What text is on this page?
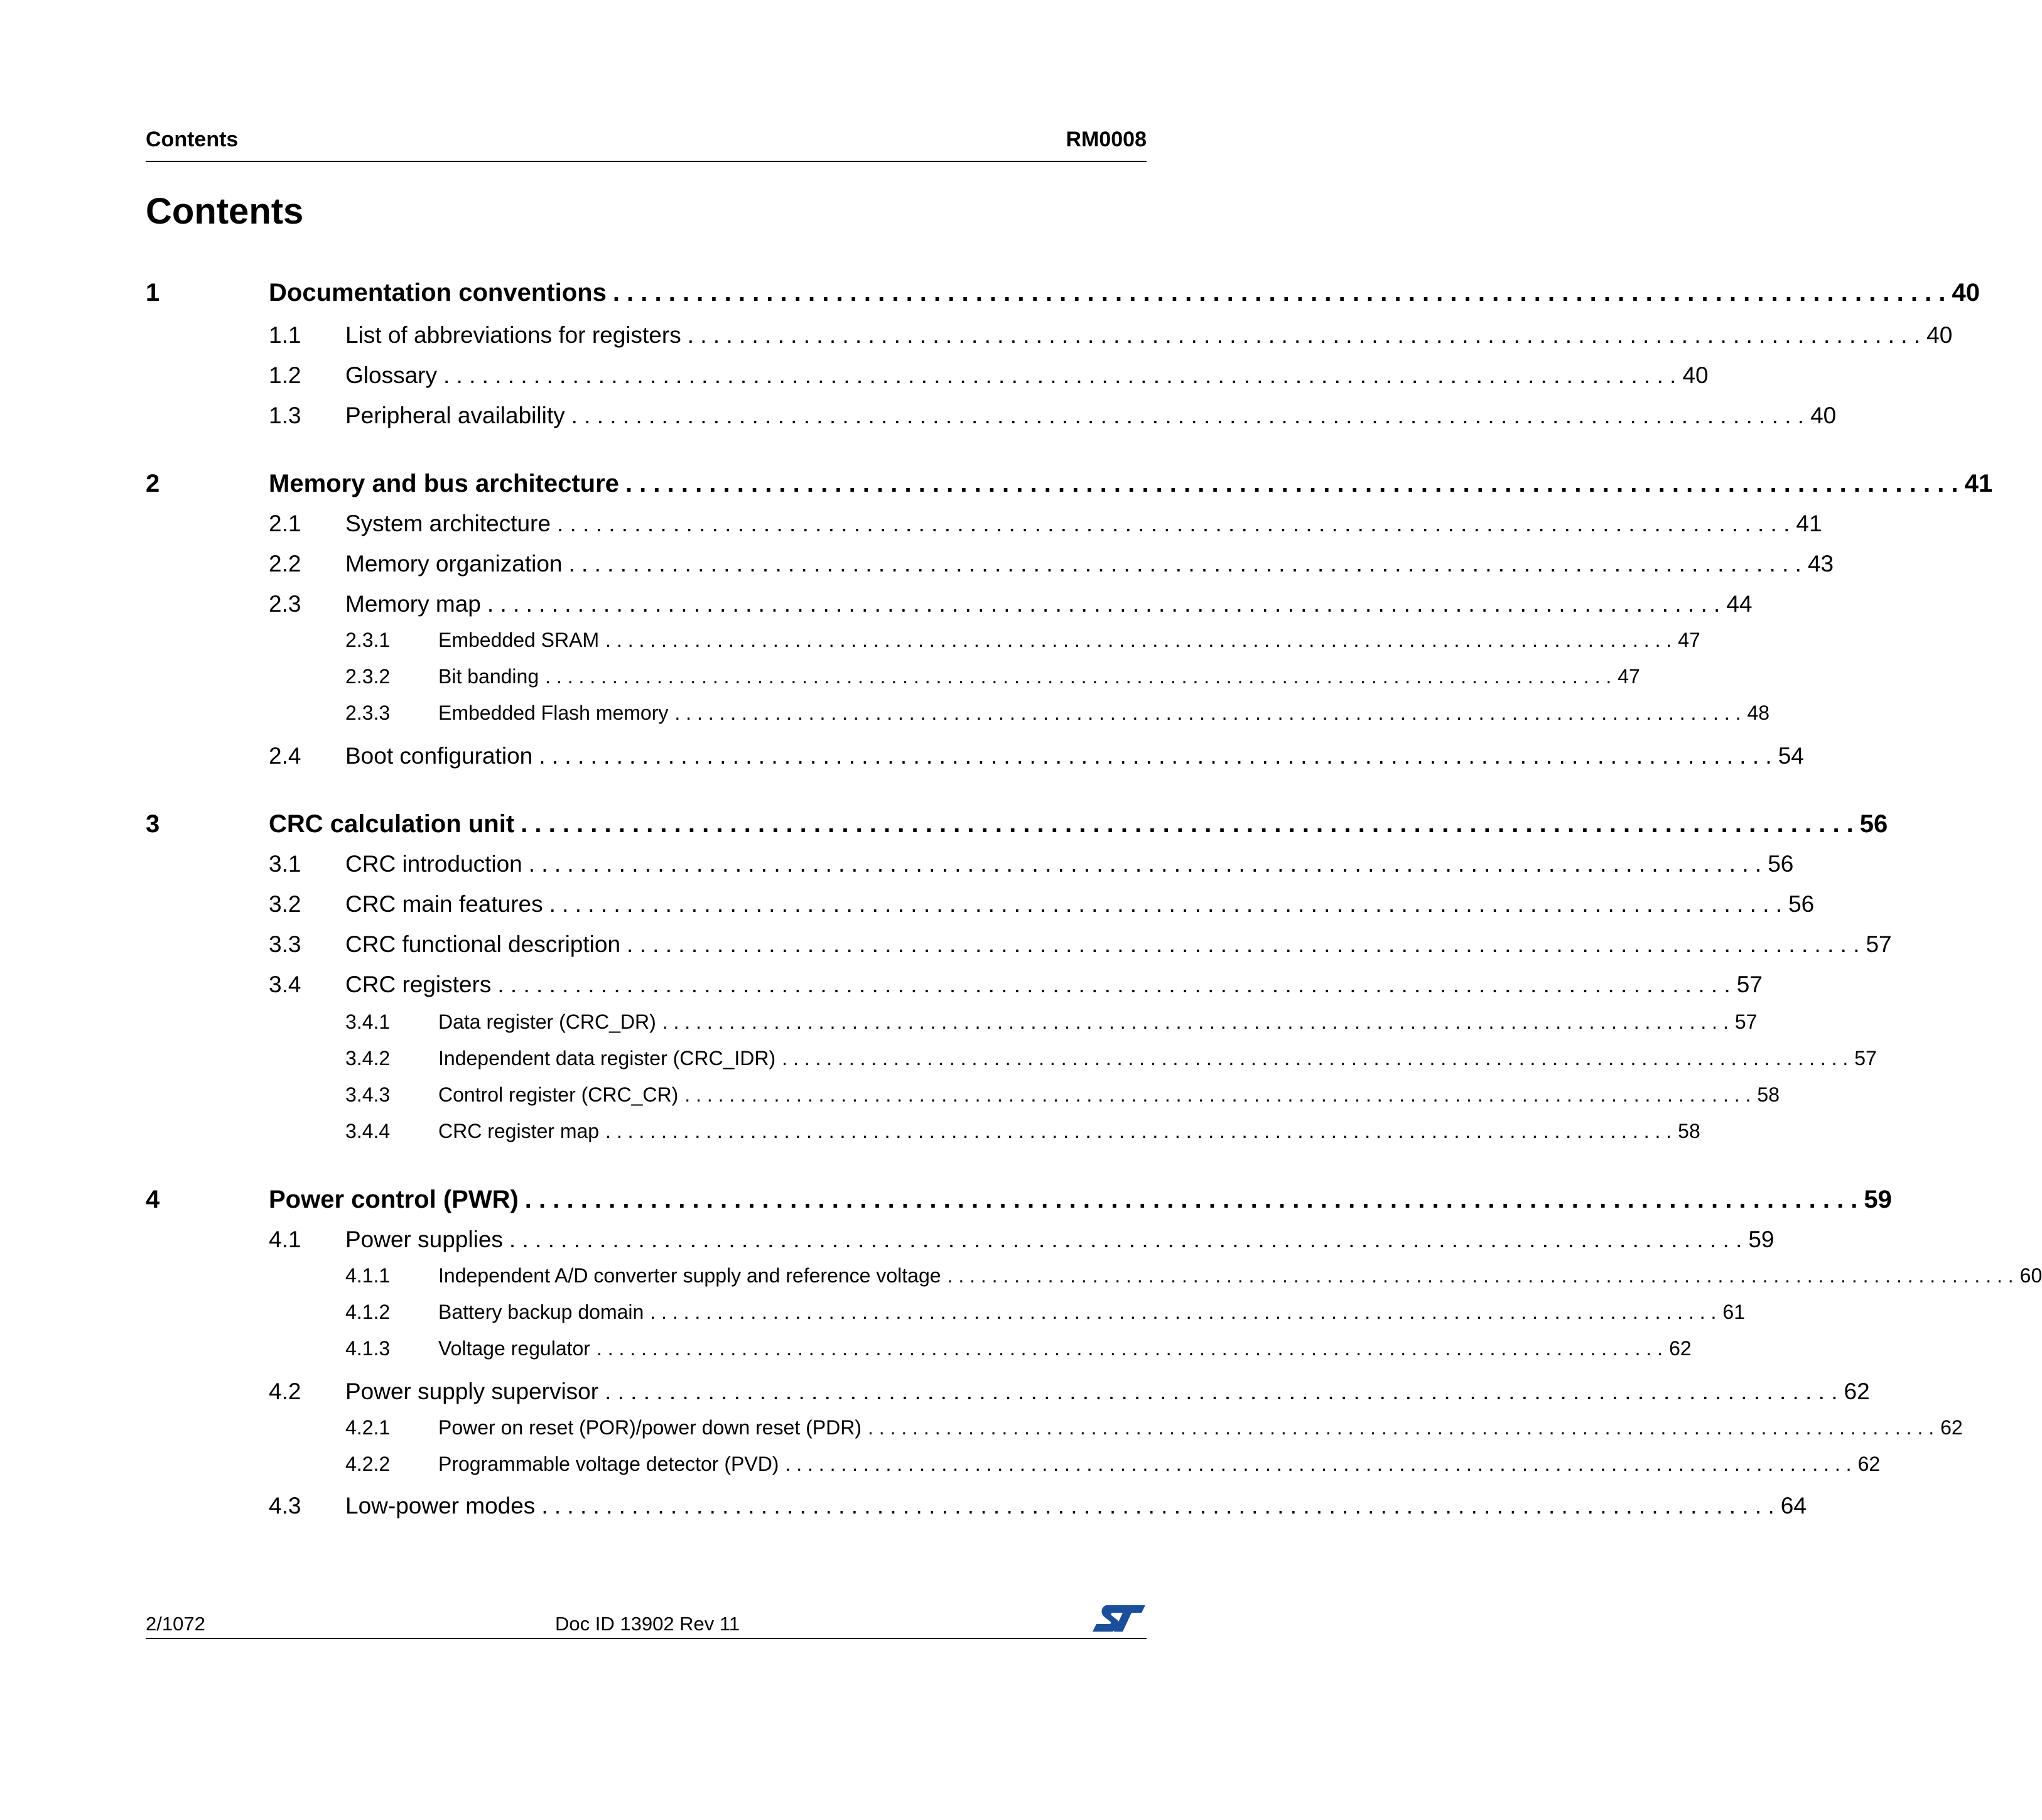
Contents	RM0008
Contents
1	Documentation conventions . . . . . . . . . . . . . . . . . . . . . . . . . . . . . . . . . . . . . . . . . . . . . . . . . . . . . . . . . . . . . . . . . . . . . . . . . . . . . . . . . . . . . . . . . . . . . . . . 40
1.1 List of abbreviations for registers . . . . . . . . . . . . . . . . . . . . . . . . . . . . . . . . . . . . . . . . . . . . . . . . . . . . . . . . . . . . . . . . . . . . . . . . . . . . . . . . . . . . . . . . . . . . . . . . 40
1.2 Glossary . . . . . . . . . . . . . . . . . . . . . . . . . . . . . . . . . . . . . . . . . . . . . . . . . . . . . . . . . . . . . . . . . . . . . . . . . . . . . . . . . . . . . . . . . . . . . . . . 40
1.3 Peripheral availability . . . . . . . . . . . . . . . . . . . . . . . . . . . . . . . . . . . . . . . . . . . . . . . . . . . . . . . . . . . . . . . . . . . . . . . . . . . . . . . . . . . . . . . . . . . . . . . . 40
2	Memory and bus architecture . . . . . . . . . . . . . . . . . . . . . . . . . . . . . . . . . . . . . . . . . . . . . . . . . . . . . . . . . . . . . . . . . . . . . . . . . . . . . . . . . . . . . . . . . . . . . . . . 41
2.1 System architecture . . . . . . . . . . . . . . . . . . . . . . . . . . . . . . . . . . . . . . . . . . . . . . . . . . . . . . . . . . . . . . . . . . . . . . . . . . . . . . . . . . . . . . . . . . . . . . . . 41
2.2 Memory organization . . . . . . . . . . . . . . . . . . . . . . . . . . . . . . . . . . . . . . . . . . . . . . . . . . . . . . . . . . . . . . . . . . . . . . . . . . . . . . . . . . . . . . . . . . . . . . . . 43
2.3 Memory map . . . . . . . . . . . . . . . . . . . . . . . . . . . . . . . . . . . . . . . . . . . . . . . . . . . . . . . . . . . . . . . . . . . . . . . . . . . . . . . . . . . . . . . . . . . . . . . . 44
2.3.1 Embedded SRAM . . . . . . . . . . . . . . . . . . . . . . . . . . . . . . . . . . . . . . . . . . . . . . . . . . . . . . . . . . . . . . . . . . . . . . . . . . . . . . . . . . . . . . . . . . . . . . . . 47
2.3.2 Bit banding . . . . . . . . . . . . . . . . . . . . . . . . . . . . . . . . . . . . . . . . . . . . . . . . . . . . . . . . . . . . . . . . . . . . . . . . . . . . . . . . . . . . . . . . . . . . . . . . 47
2.3.3 Embedded Flash memory . . . . . . . . . . . . . . . . . . . . . . . . . . . . . . . . . . . . . . . . . . . . . . . . . . . . . . . . . . . . . . . . . . . . . . . . . . . . . . . . . . . . . . . . . . . . . . . . 48
2.4 Boot configuration . . . . . . . . . . . . . . . . . . . . . . . . . . . . . . . . . . . . . . . . . . . . . . . . . . . . . . . . . . . . . . . . . . . . . . . . . . . . . . . . . . . . . . . . . . . . . . . . 54
3	CRC calculation unit . . . . . . . . . . . . . . . . . . . . . . . . . . . . . . . . . . . . . . . . . . . . . . . . . . . . . . . . . . . . . . . . . . . . . . . . . . . . . . . . . . . . . . . . . . . . . . . . 56
3.1 CRC introduction . . . . . . . . . . . . . . . . . . . . . . . . . . . . . . . . . . . . . . . . . . . . . . . . . . . . . . . . . . . . . . . . . . . . . . . . . . . . . . . . . . . . . . . . . . . . . . . . 56
3.2 CRC main features . . . . . . . . . . . . . . . . . . . . . . . . . . . . . . . . . . . . . . . . . . . . . . . . . . . . . . . . . . . . . . . . . . . . . . . . . . . . . . . . . . . . . . . . . . . . . . . . 56
3.3 CRC functional description . . . . . . . . . . . . . . . . . . . . . . . . . . . . . . . . . . . . . . . . . . . . . . . . . . . . . . . . . . . . . . . . . . . . . . . . . . . . . . . . . . . . . . . . . . . . . . . . 57
3.4 CRC registers . . . . . . . . . . . . . . . . . . . . . . . . . . . . . . . . . . . . . . . . . . . . . . . . . . . . . . . . . . . . . . . . . . . . . . . . . . . . . . . . . . . . . . . . . . . . . . . . 57
3.4.1 Data register (CRC_DR) . . . . . . . . . . . . . . . . . . . . . . . . . . . . . . . . . . . . . . . . . . . . . . . . . . . . . . . . . . . . . . . . . . . . . . . . . . . . . . . . . . . . . . . . . . . . . . . . 57
3.4.2 Independent data register (CRC_IDR) . . . . . . . . . . . . . . . . . . . . . . . . . . . . . . . . . . . . . . . . . . . . . . . . . . . . . . . . . . . . . . . . . . . . . . . . . . . . . . . . . . . . . . . . . . . . . . . . 57
3.4.3 Control register (CRC_CR) . . . . . . . . . . . . . . . . . . . . . . . . . . . . . . . . . . . . . . . . . . . . . . . . . . . . . . . . . . . . . . . . . . . . . . . . . . . . . . . . . . . . . . . . . . . . . . . . 58
3.4.4 CRC register map . . . . . . . . . . . . . . . . . . . . . . . . . . . . . . . . . . . . . . . . . . . . . . . . . . . . . . . . . . . . . . . . . . . . . . . . . . . . . . . . . . . . . . . . . . . . . . . . 58
4	Power control (PWR) . . . . . . . . . . . . . . . . . . . . . . . . . . . . . . . . . . . . . . . . . . . . . . . . . . . . . . . . . . . . . . . . . . . . . . . . . . . . . . . . . . . . . . . . . . . . . . . . 59
4.1 Power supplies . . . . . . . . . . . . . . . . . . . . . . . . . . . . . . . . . . . . . . . . . . . . . . . . . . . . . . . . . . . . . . . . . . . . . . . . . . . . . . . . . . . . . . . . . . . . . . . . 59
4.1.1 Independent A/D converter supply and reference voltage . . . . . . . . . . . . . . . . . . . . . . . . . . . . . . . . . . . . . . . . . . . . . . . . . . . . . . . . . . . . . . . . . . . . . . . . . . . . . . . . . . . . . . . . . . . . . . . . 60
4.1.2 Battery backup domain . . . . . . . . . . . . . . . . . . . . . . . . . . . . . . . . . . . . . . . . . . . . . . . . . . . . . . . . . . . . . . . . . . . . . . . . . . . . . . . . . . . . . . . . . . . . . . . . 61
4.1.3 Voltage regulator . . . . . . . . . . . . . . . . . . . . . . . . . . . . . . . . . . . . . . . . . . . . . . . . . . . . . . . . . . . . . . . . . . . . . . . . . . . . . . . . . . . . . . . . . . . . . . . . 62
4.2 Power supply supervisor . . . . . . . . . . . . . . . . . . . . . . . . . . . . . . . . . . . . . . . . . . . . . . . . . . . . . . . . . . . . . . . . . . . . . . . . . . . . . . . . . . . . . . . . . . . . . . . . 62
4.2.1 Power on reset (POR)/power down reset (PDR) . . . . . . . . . . . . . . . . . . . . . . . . . . . . . . . . . . . . . . . . . . . . . . . . . . . . . . . . . . . . . . . . . . . . . . . . . . . . . . . . . . . . . . . . . . . . . . . . 62
4.2.2 Programmable voltage detector (PVD) . . . . . . . . . . . . . . . . . . . . . . . . . . . . . . . . . . . . . . . . . . . . . . . . . . . . . . . . . . . . . . . . . . . . . . . . . . . . . . . . . . . . . . . . . . . . . . . . 62
4.3 Low-power modes . . . . . . . . . . . . . . . . . . . . . . . . . . . . . . . . . . . . . . . . . . . . . . . . . . . . . . . . . . . . . . . . . . . . . . . . . . . . . . . . . . . . . . . . . . . . . . . . 64
2/1072	Doc ID 13902 Rev 11
